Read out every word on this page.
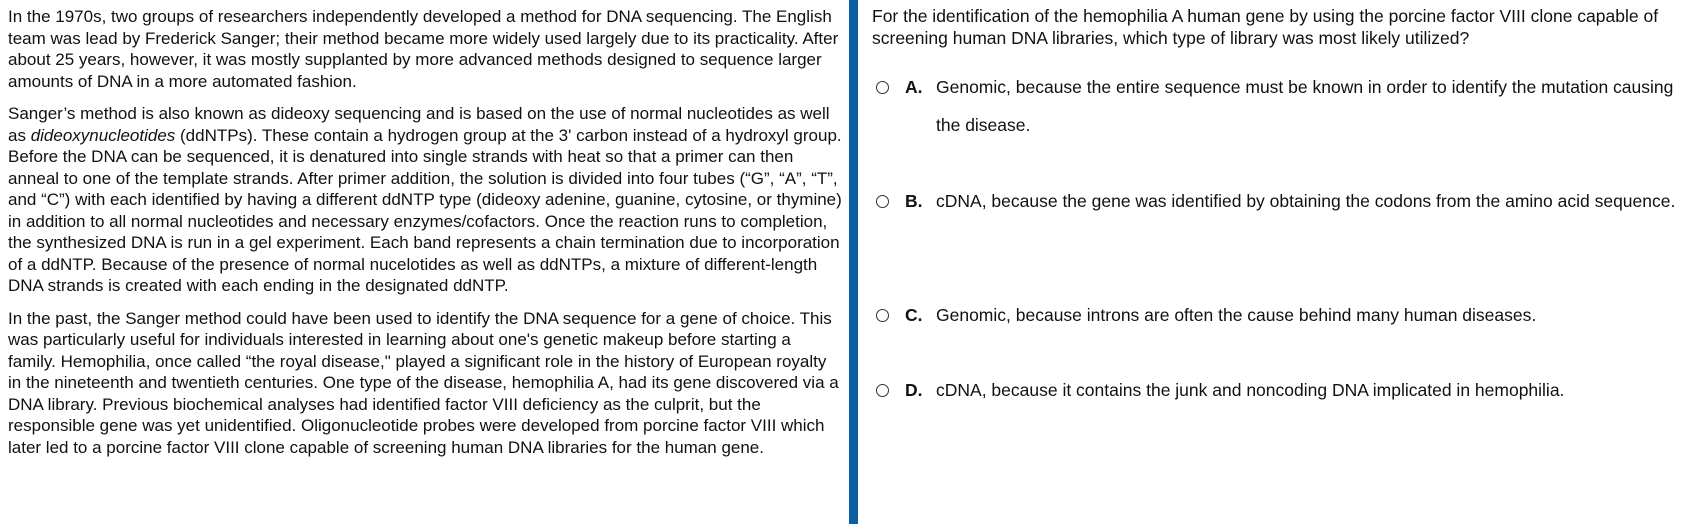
In the 1970s, two groups of researchers independently developed a method for DNA sequencing. The English team was lead by Frederick Sanger; their method became more widely used largely due to its practicality. After about 25 years, however, it was mostly supplanted by more advanced methods designed to sequence larger amounts of DNA in a more automated fashion.

Sanger’s method is also known as dideoxy sequencing and is based on the use of normal nucleotides as well as dideoxynucleotides (ddNTPs). These contain a hydrogen group at the 3' carbon instead of a hydroxyl group. Before the DNA can be sequenced, it is denatured into single strands with heat so that a primer can then anneal to one of the template strands. After primer addition, the solution is divided into four tubes (“G”, “A”, “T”, and “C”) with each identified by having a different ddNTP type (dideoxy adenine, guanine, cytosine, or thymine) in addition to all normal nucleotides and necessary enzymes/cofactors. Once the reaction runs to completion, the synthesized DNA is run in a gel experiment. Each band represents a chain termination due to incorporation of a ddNTP. Because of the presence of normal nucelotides as well as ddNTPs, a mixture of different-length DNA strands is created with each ending in the designated ddNTP.

In the past, the Sanger method could have been used to identify the DNA sequence for a gene of choice. This was particularly useful for individuals interested in learning about one's genetic makeup before starting a family. Hemophilia, once called “the royal disease," played a significant role in the history of European royalty in the nineteenth and twentieth centuries. One type of the disease, hemophilia A, had its gene discovered via a DNA library. Previous biochemical analyses had identified factor VIII deficiency as the culprit, but the responsible gene was yet unidentified. Oligonucleotide probes were developed from porcine factor VIII which later led to a porcine factor VIII clone capable of screening human DNA libraries for the human gene.

For the identification of the hemophilia A human gene by using the porcine factor VIII clone capable of screening human DNA libraries, which type of library was most likely utilized?

A. Genomic, because the entire sequence must be known in order to identify the mutation causing the disease.
B. cDNA, because the gene was identified by obtaining the codons from the amino acid sequence.
C. Genomic, because introns are often the cause behind many human diseases.
D. cDNA, because it contains the junk and noncoding DNA implicated in hemophilia.
